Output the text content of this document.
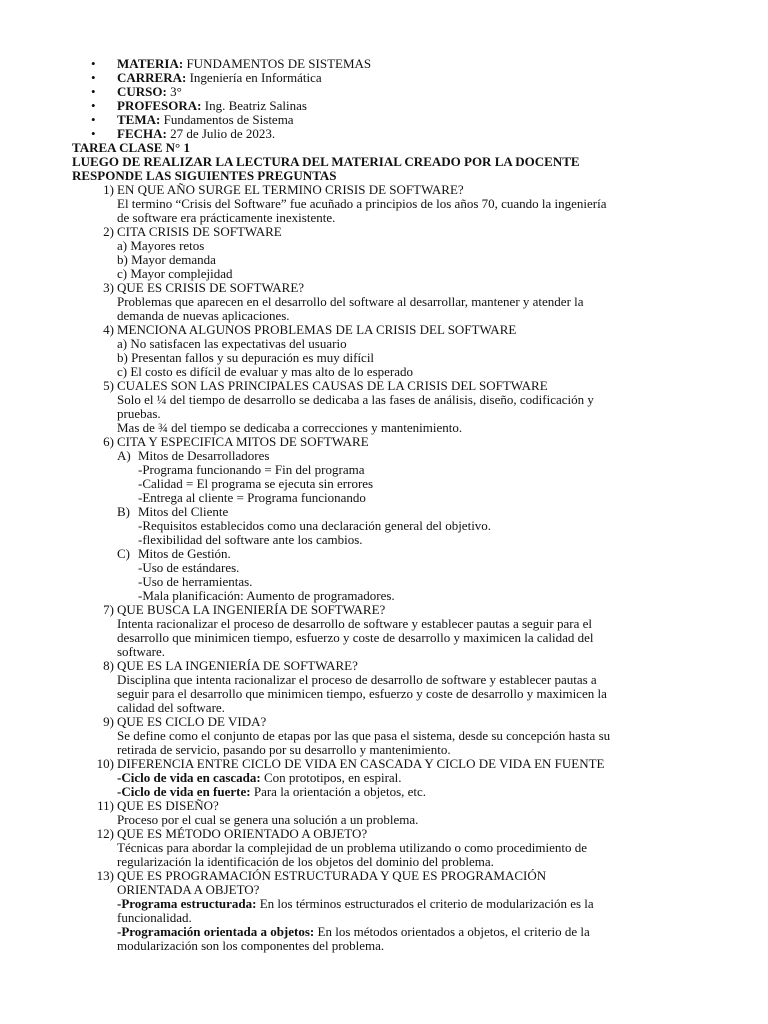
• MATERIA: FUNDAMENTOS DE SISTEMAS
• CARRERA: Ingeniería en Informática
• CURSO: 3°
• PROFESORA: Ing. Beatriz Salinas
• TEMA: Fundamentos de Sistema
• FECHA: 27 de Julio de 2023.
TAREA CLASE N° 1
LUEGO DE REALIZAR LA LECTURA DEL MATERIAL CREADO POR LA DOCENTE
RESPONDE LAS SIGUIENTES PREGUNTAS
1) EN QUE AÑO SURGE EL TERMINO CRISIS DE SOFTWARE?
El termino “Crisis del Software” fue acuñado a principios de los años 70, cuando la ingeniería
de software era prácticamente inexistente.
2) CITA CRISIS DE SOFTWARE
a) Mayores retos
b) Mayor demanda
c) Mayor complejidad
3) QUE ES CRISIS DE SOFTWARE?
Problemas que aparecen en el desarrollo del software al desarrollar, mantener y atender la
demanda de nuevas aplicaciones.
4) MENCIONA ALGUNOS PROBLEMAS DE LA CRISIS DEL SOFTWARE
a) No satisfacen las expectativas del usuario
b) Presentan fallos y su depuración es muy difícil
c) El costo es difícil de evaluar y mas alto de lo esperado
5) CUALES SON LAS PRINCIPALES CAUSAS DE LA CRISIS DEL SOFTWARE
Solo el ¼ del tiempo de desarrollo se dedicaba a las fases de análisis, diseño, codificación y
pruebas.
Mas de ¾ del tiempo se dedicaba a correcciones y mantenimiento.
6) CITA Y ESPECIFICA MITOS DE SOFTWARE
A) Mitos de Desarrolladores
-Programa funcionando = Fin del programa
-Calidad = El programa se ejecuta sin errores
-Entrega al cliente = Programa funcionando
B) Mitos del Cliente
-Requisitos establecidos como una declaración general del objetivo.
-flexibilidad del software ante los cambios.
C) Mitos de Gestión.
-Uso de estándares.
-Uso de herramientas.
-Mala planificación: Aumento de programadores.
7) QUE BUSCA LA INGENIERÍA DE SOFTWARE?
Intenta racionalizar el proceso de desarrollo de software y establecer pautas a seguir para el
desarrollo que minimicen tiempo, esfuerzo y coste de desarrollo y maximicen la calidad del
software.
8) QUE ES LA INGENIERÍA DE SOFTWARE?
Disciplina que intenta racionalizar el proceso de desarrollo de software y establecer pautas a
seguir para el desarrollo que minimicen tiempo, esfuerzo y coste de desarrollo y maximicen la
calidad del software.
9) QUE ES CICLO DE VIDA?
Se define como el conjunto de etapas por las que pasa el sistema, desde su concepción hasta su
retirada de servicio, pasando por su desarrollo y mantenimiento.
10) DIFERENCIA ENTRE CICLO DE VIDA EN CASCADA Y CICLO DE VIDA EN FUENTE
-Ciclo de vida en cascada: Con prototipos, en espiral.
-Ciclo de vida en fuerte: Para la orientación a objetos, etc.
11) QUE ES DISEÑO?
Proceso por el cual se genera una solución a un problema.
12) QUE ES MÉTODO ORIENTADO A OBJETO?
Técnicas para abordar la complejidad de un problema utilizando o como procedimiento de
regularización la identificación de los objetos del dominio del problema.
13) QUE ES PROGRAMACIÓN ESTRUCTURADA Y QUE ES PROGRAMACIÓN
ORIENTADA A OBJETO?
-Programa estructurada: En los términos estructurados el criterio de modularización es la
funcionalidad.
-Programación orientada a objetos: En los métodos orientados a objetos, el criterio de la
modularización son los componentes del problema.
